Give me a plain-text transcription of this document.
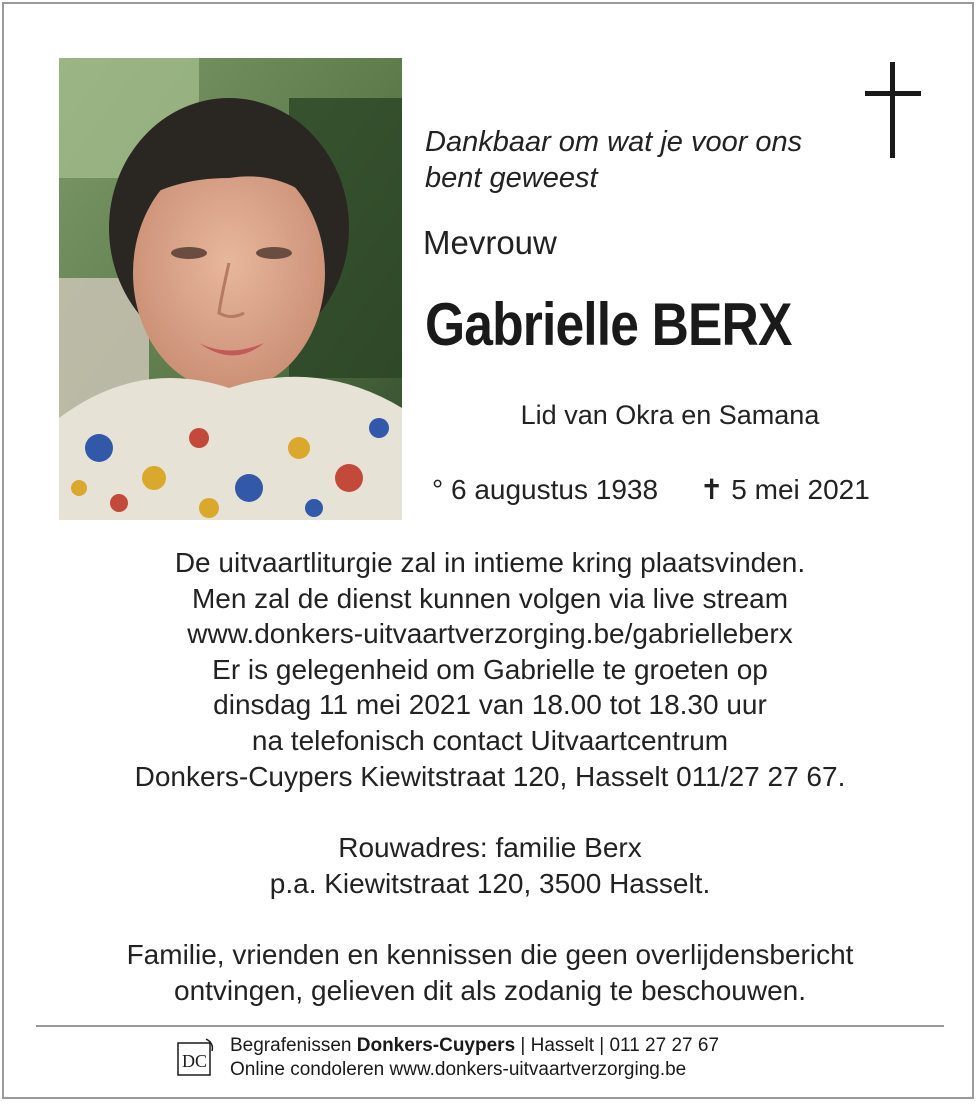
Dankbaar om wat je voor ons bent geweest
Mevrouw
Gabrielle BERX
Lid van Okra en Samana
° 6 augustus 1938 ✝ 5 mei 2021

De uitvaartliturgie zal in intieme kring plaatsvinden.

Men zal de dienst kunnen volgen via live stream

www.donkers-uitvaartverzorging.be/gabrielleberx

Er is gelegenheid om Gabrielle te groeten op

dinsdag 11 mei 2021 van 18.00 tot 18.30 uur

na telefonisch contact Uitvaartcentrum

Donkers-Cuypers Kiewitstraat 120, Hasselt 011/27 27 67.

Rouwadres: familie Berx

p.a. Kiewitstraat 120, 3500 Hasselt.

Familie, vrienden en kennissen die geen overlijdensbericht

ontvingen, gelieven dit als zodanig te beschouwen.

DC
Begrafenissen Donkers-Cuypers | Hasselt | 011 27 27 67
Online condoleren www.donkers-uitvaartverzorging.be
